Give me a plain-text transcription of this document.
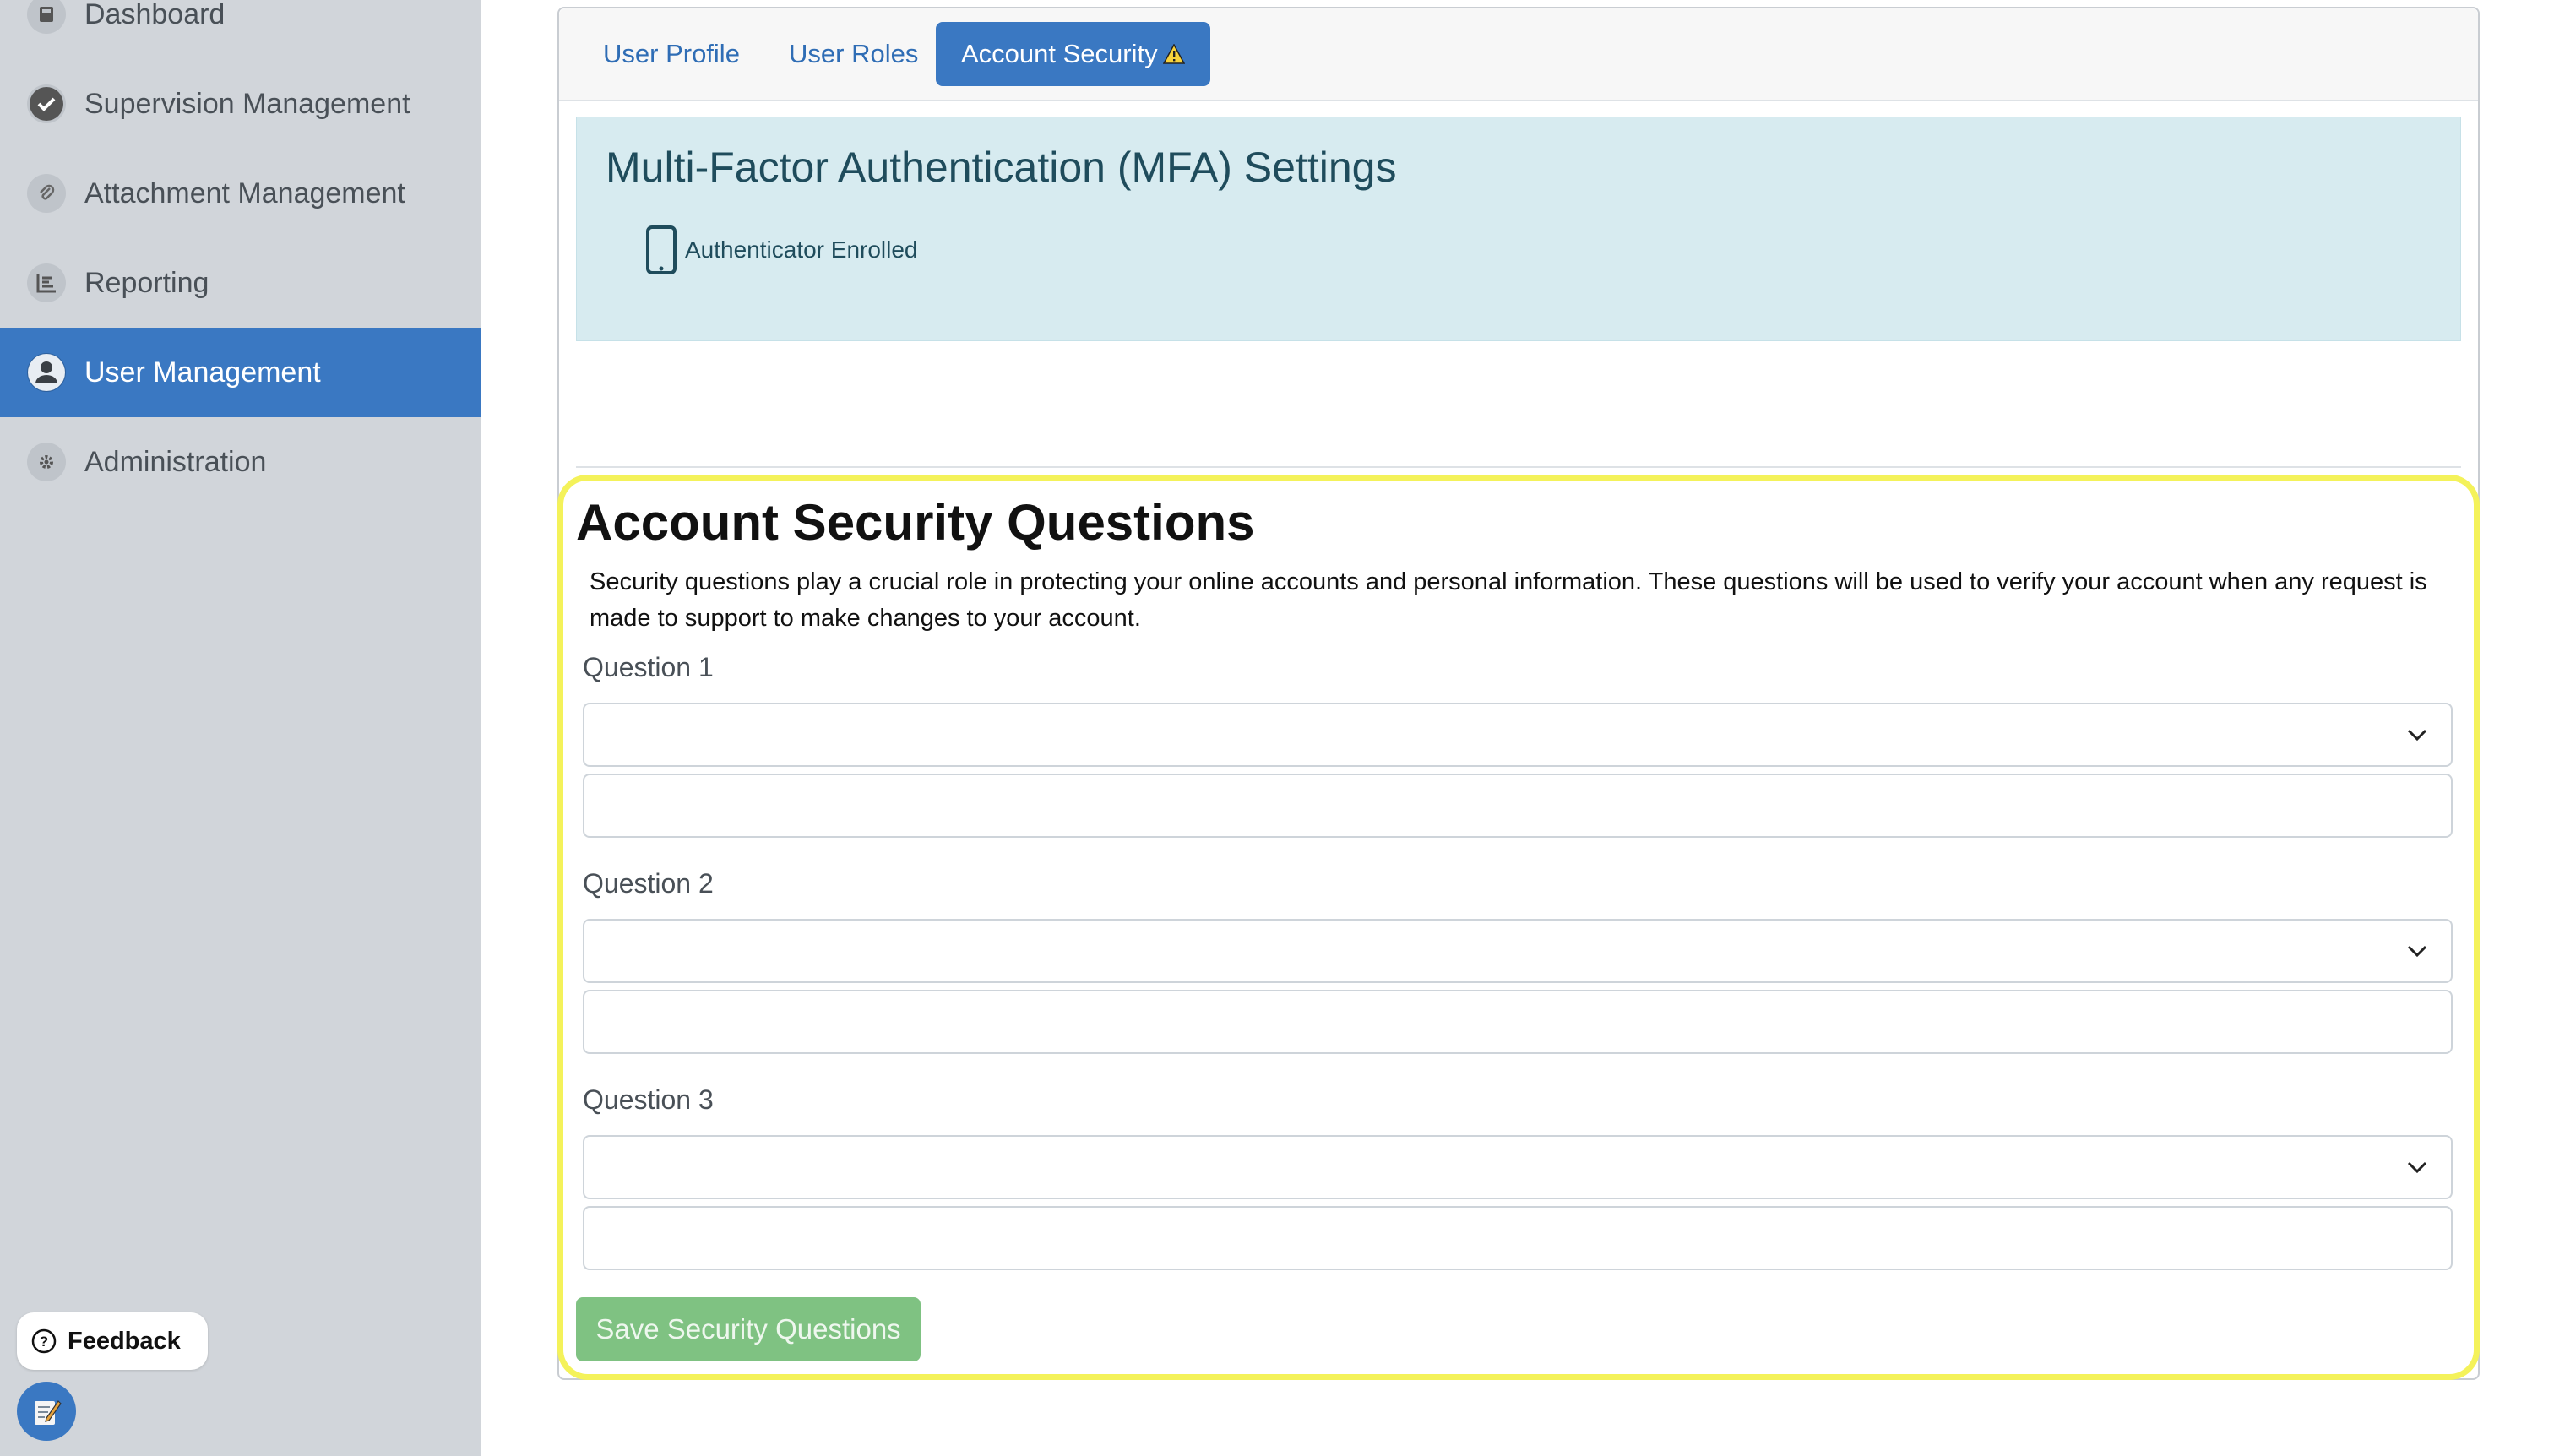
Dashboard
Supervision Management
Attachment Management
Reporting
User Management
Administration
? Feedback
User Profile User Roles Account Security
Multi-Factor Authentication (MFA) Settings
Authenticator Enrolled
Account Security Questions

Security questions play a crucial role in protecting your online accounts and personal information. These questions will be used to verify your account when any request is made to support to make changes to your account.

Question 1
Question 2
Question 3
Save Security Questions
